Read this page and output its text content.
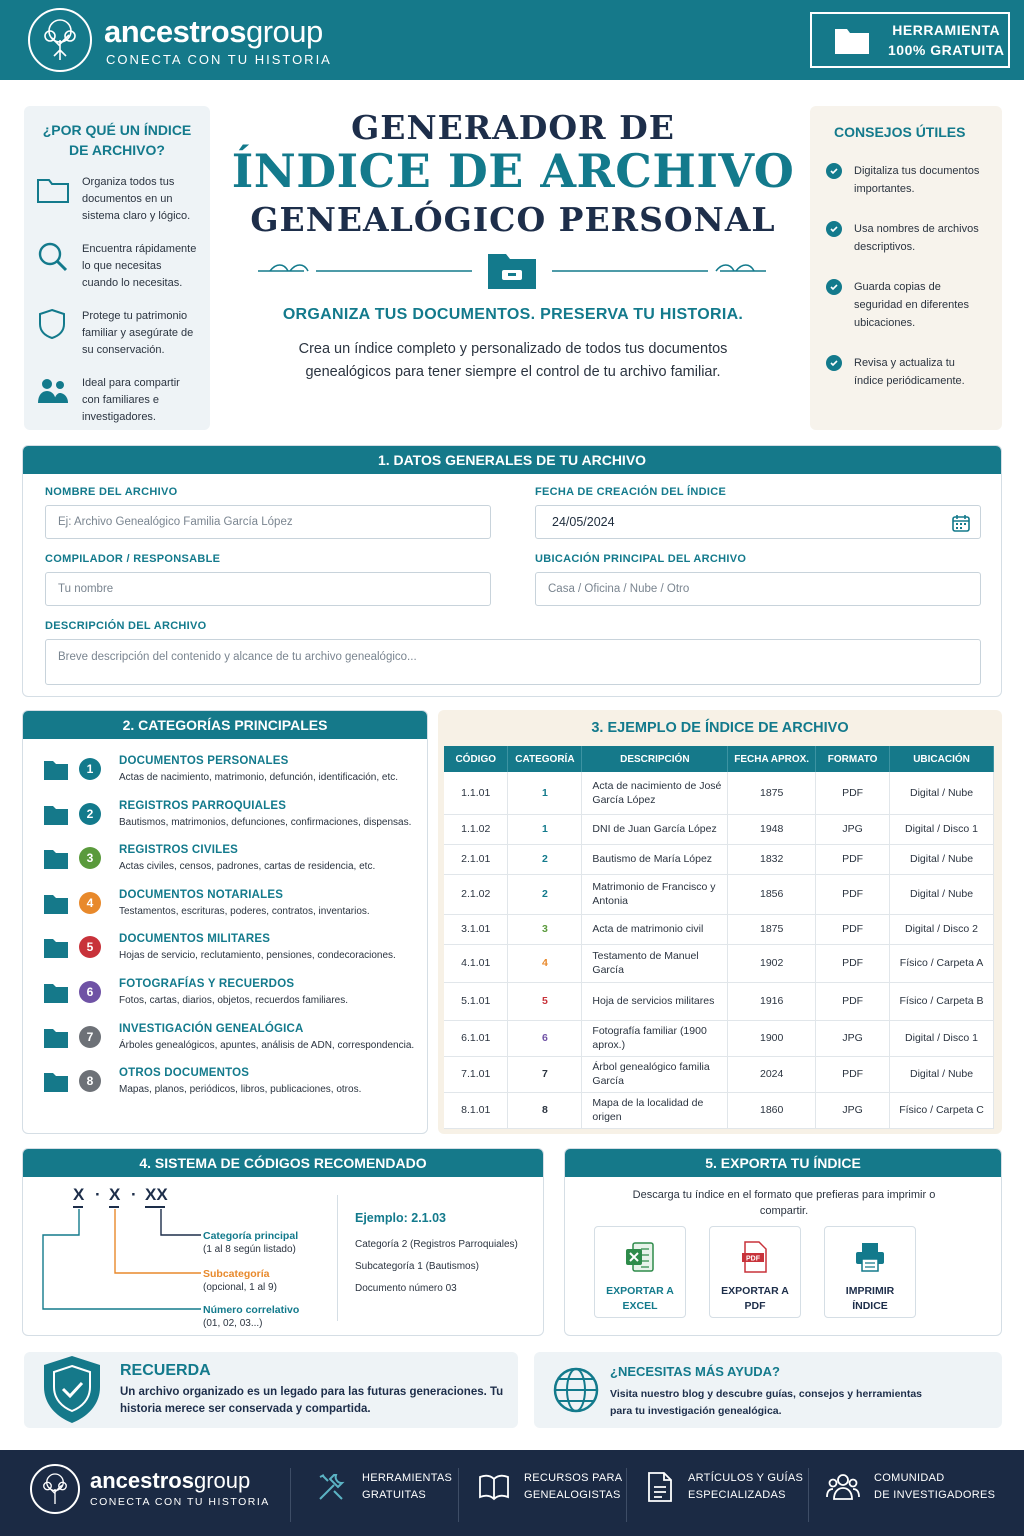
ancestrosgroup
CONECTA CON TU HISTORIA
HERRAMIENTA
100% GRATUITA
¿POR QUÉ UN ÍNDICE DE ARCHIVO?

Organiza todos tus documentos en un sistema claro y lógico.

Encuentra rápidamente lo que necesitas cuando lo necesitas.

Protege tu patrimonio familiar y asegúrate de su conservación.

Ideal para compartir con familiares e investigadores.

GENERADOR DE
ÍNDICE DE ARCHIVO
GENEALÓGICO PERSONAL
ORGANIZA TUS DOCUMENTOS. PRESERVA TU HISTORIA.
Crea un índice completo y personalizado de todos tus documentos genealógicos para tener siempre el control de tu archivo familiar.
CONSEJOS ÚTILES

Digitaliza tus documentos importantes.

Usa nombres de archivos descriptivos.

Guarda copias de seguridad en diferentes ubicaciones.

Revisa y actualiza tu índice periódicamente.

1. DATOS GENERALES DE TU ARCHIVO
NOMBRE DEL ARCHIVO
Ej: Archivo Genealógico Familia García López
FECHA DE CREACIÓN DEL ÍNDICE
24/05/2024
COMPILADOR / RESPONSABLE
Tu nombre
UBICACIÓN PRINCIPAL DEL ARCHIVO
Casa / Oficina / Nube / Otro
DESCRIPCIÓN DEL ARCHIVO
Breve descripción del contenido y alcance de tu archivo genealógico...
2. CATEGORÍAS PRINCIPALES
1
DOCUMENTOS PERSONALES
Actas de nacimiento, matrimonio, defunción, identificación, etc.
2
REGISTROS PARROQUIALES
Bautismos, matrimonios, defunciones, confirmaciones, dispensas.
3
REGISTROS CIVILES
Actas civiles, censos, padrones, cartas de residencia, etc.
4
DOCUMENTOS NOTARIALES
Testamentos, escrituras, poderes, contratos, inventarios.
5
DOCUMENTOS MILITARES
Hojas de servicio, reclutamiento, pensiones, condecoraciones.
6
FOTOGRAFÍAS Y RECUERDOS
Fotos, cartas, diarios, objetos, recuerdos familiares.
7
INVESTIGACIÓN GENEALÓGICA
Árboles genealógicos, apuntes, análisis de ADN, correspondencia.
8
OTROS DOCUMENTOS
Mapas, planos, periódicos, libros, publicaciones, otros.
3. EJEMPLO DE ÍNDICE DE ARCHIVO
CÓDIGO	CATEGORÍA	DESCRIPCIÓN	FECHA APROX.	FORMATO	UBICACIÓN
1.1.01	1	Acta de nacimiento de José García López	1875	PDF	Digital / Nube
1.1.02	1	DNI de Juan García López	1948	JPG	Digital / Disco 1
2.1.01	2	Bautismo de María López	1832	PDF	Digital / Nube
2.1.02	2	Matrimonio de Francisco y Antonia	1856	PDF	Digital / Nube
3.1.01	3	Acta de matrimonio civil	1875	PDF	Digital / Disco 2
4.1.01	4	Testamento de Manuel García	1902	PDF	Físico / Carpeta A
5.1.01	5	Hoja de servicios militares	1916	PDF	Físico / Carpeta B
6.1.01	6	Fotografía familiar (1900 aprox.)	1900	JPG	Digital / Disco 1
7.1.01	7	Árbol genealógico familia García	2024	PDF	Digital / Nube
8.1.01	8	Mapa de la localidad de origen	1860	JPG	Físico / Carpeta C
4. SISTEMA DE CÓDIGOS RECOMENDADO
X · X · XX
Categoría principal
(1 al 8 según listado)
Subcategoría
(opcional, 1 al 9)
Número correlativo
(01, 02, 03...)
Ejemplo: 2.1.03
Categoría 2 (Registros Parroquiales)
Subcategoría 1 (Bautismos)
Documento número 03
5. EXPORTA TU ÍNDICE
Descarga tu índice en el formato que prefieras para imprimir o compartir.
EXPORTAR A
EXCEL
PDF
EXPORTAR A
PDF
IMPRIMIR
ÍNDICE
RECUERDA
Un archivo organizado es un legado para las futuras generaciones. Tu historia merece ser conservada y compartida.
¿NECESITAS MÁS AYUDA?
Visita nuestro blog y descubre guías, consejos y herramientas para tu investigación genealógica.
ancestrosgroup
CONECTA CON TU HISTORIA
HERRAMIENTAS
GRATUITAS
RECURSOS PARA
GENEALOGISTAS
ARTÍCULOS Y GUÍAS
ESPECIALIZADAS
COMUNIDAD
DE INVESTIGADORES
